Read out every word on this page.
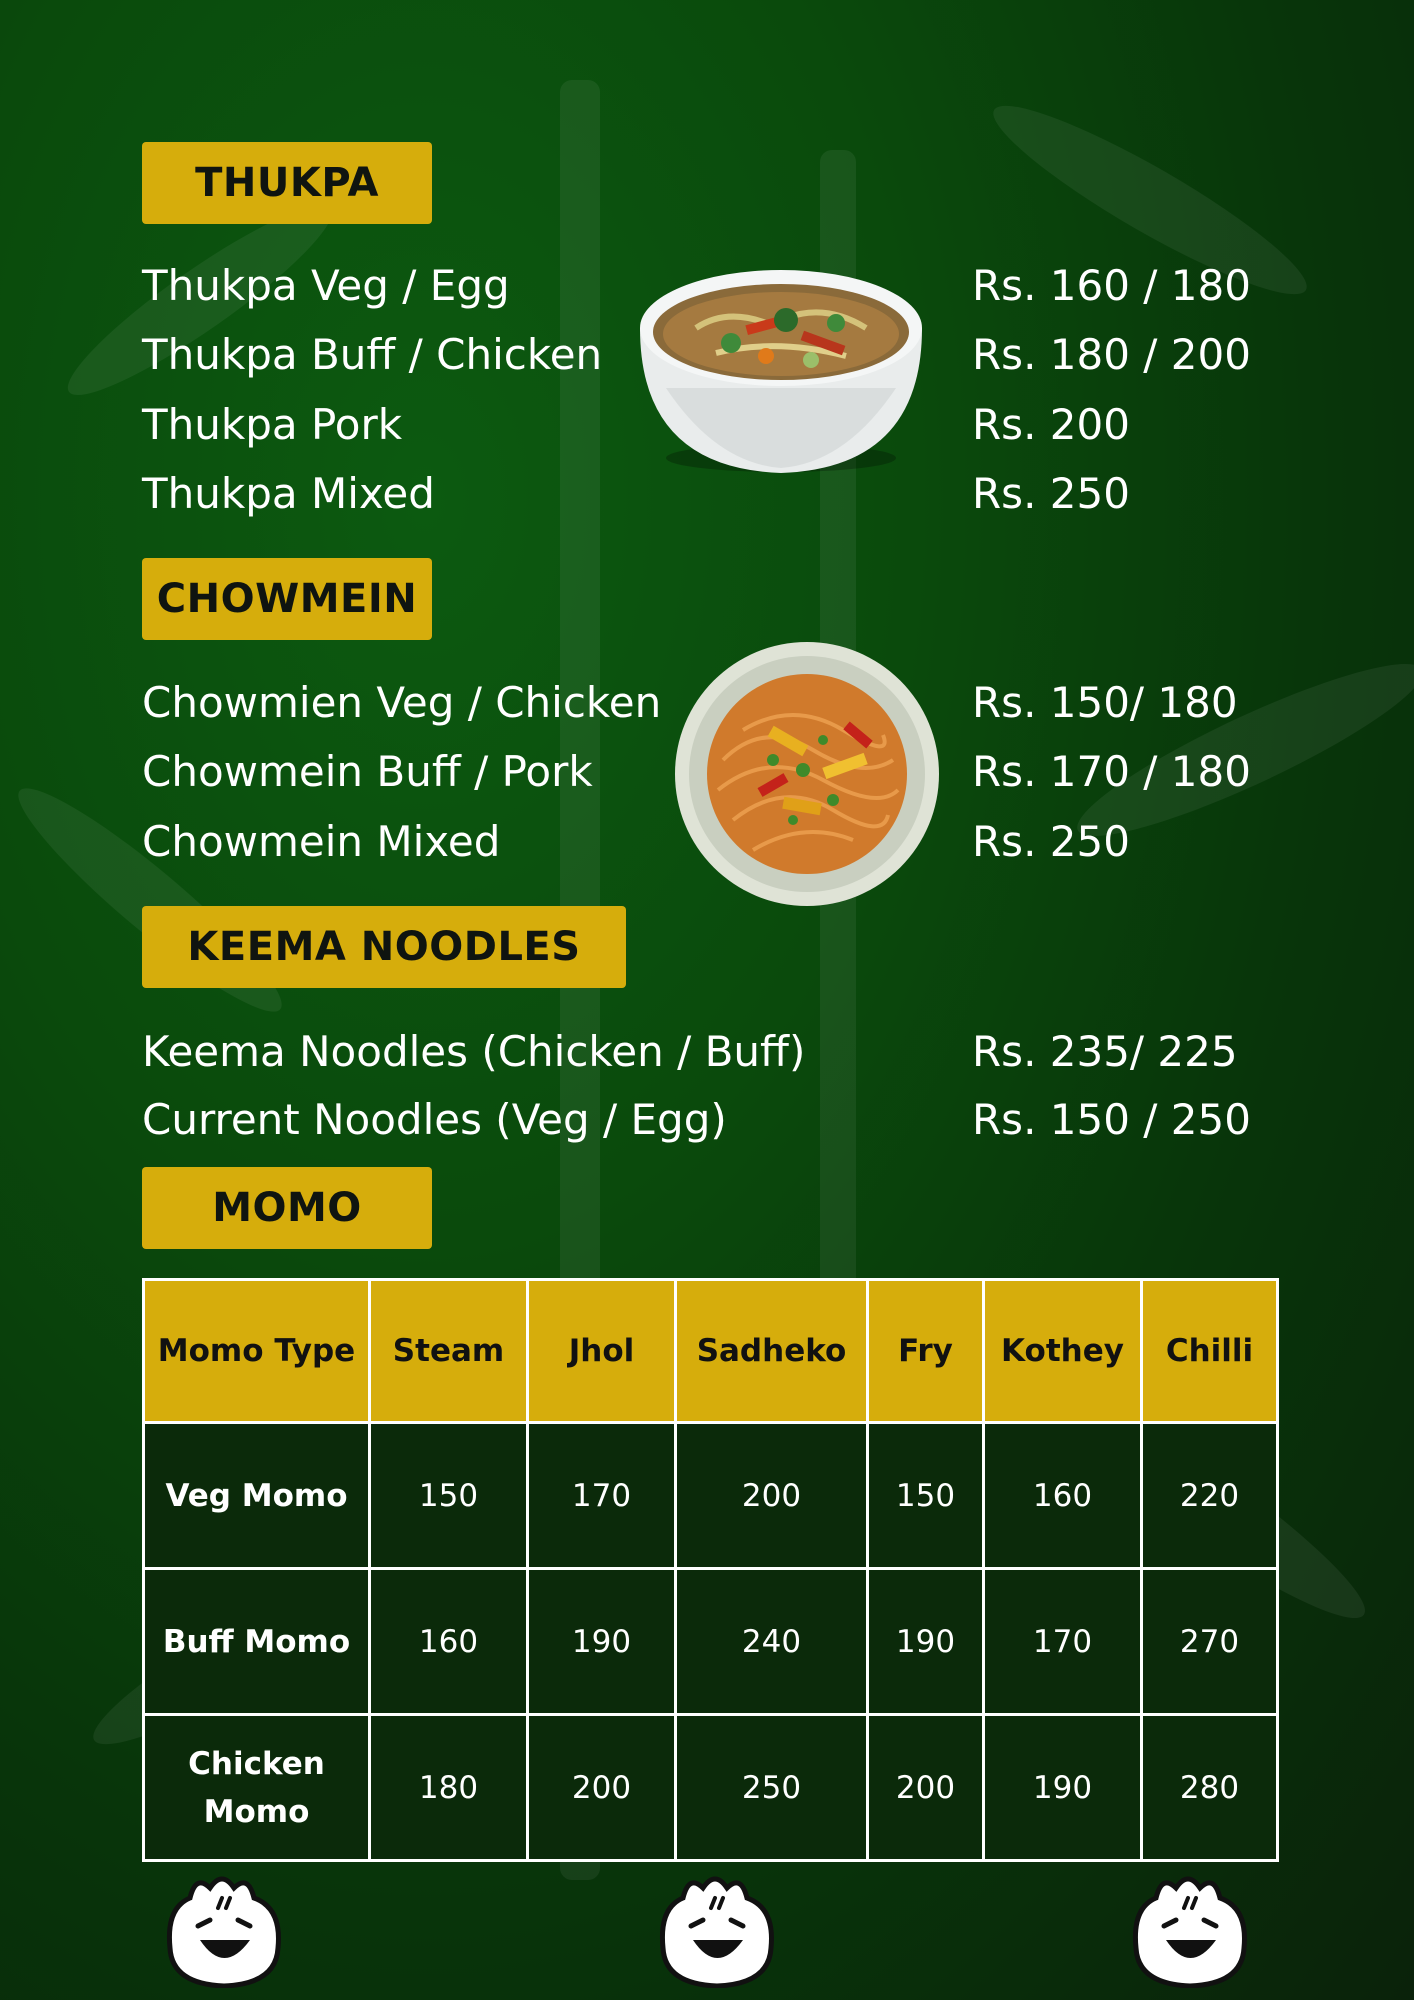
THUKPA
Thukpa Veg / Egg	Rs. 160 / 180
Thukpa Buff / Chicken	Rs. 180 / 200
Thukpa Pork	Rs. 200
Thukpa Mixed	Rs. 250
CHOWMEIN
Chowmien Veg / Chicken	Rs. 150/ 180
Chowmein Buff / Pork	Rs. 170 / 180
Chowmein Mixed	Rs. 250
KEEMA NOODLES
Keema Noodles (Chicken / Buff)	Rs. 235/ 225
Current Noodles (Veg / Egg)	Rs. 150 / 250
MOMO
Momo Type	Steam	Jhol	Sadheko	Fry	Kothey	Chilli
Veg Momo	150	170	200	150	160	220
Buff Momo	160	190	240	190	170	270
Chicken Momo	180	200	250	200	190	280
